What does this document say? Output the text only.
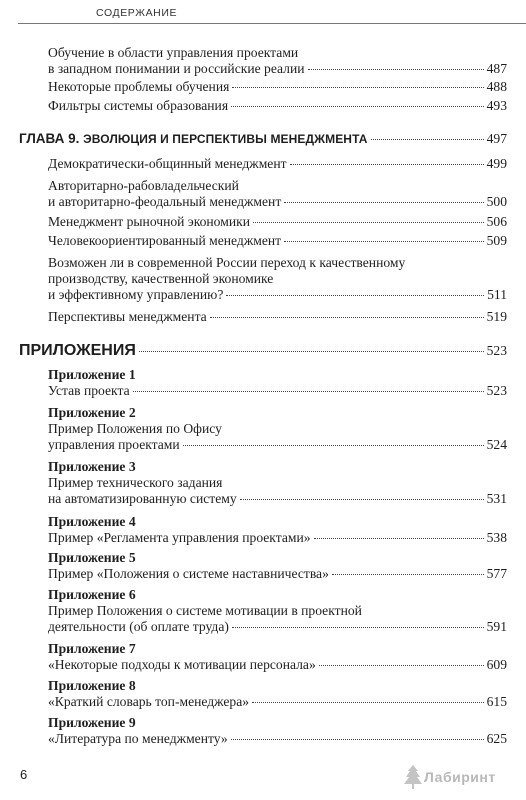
СОДЕРЖАНИЕ
Обучение в области управления проектами
в западном понимании и российские реалии	487
Некоторые проблемы обучения	488
Фильтры системы образования	493
ГЛАВА 9. ЭВОЛЮЦИЯ И ПЕРСПЕКТИВЫ МЕНЕДЖМЕНТА	497
Демократически-общинный менеджмент	499
Авторитарно-рабовладельческий
и авторитарно-феодальный менеджмент	500
Менеджмент рыночной экономики	506
Человекоориентированный менеджмент	509
Возможен ли в современной России переход к качественному
производству, качественной экономике
и эффективному управлению?	511
Перспективы менеджмента	519
ПРИЛОЖЕНИЯ	523
Приложение 1
Устав проекта	523
Приложение 2
Пример Положения по Офису
управления проектами	524
Приложение 3
Пример технического задания
на автоматизированную систему	531
Приложение 4
Пример «Регламента управления проектами»	538
Приложение 5
Пример «Положения о системе наставничества»	577
Приложение 6
Пример Положения о системе мотивации в проектной
деятельности (об оплате труда)	591
Приложение 7
«Некоторые подходы к мотивации персонала»	609
Приложение 8
«Краткий словарь топ-менеджера»	615
Приложение 9
«Литература по менеджменту»	625
6	Лабиринт
